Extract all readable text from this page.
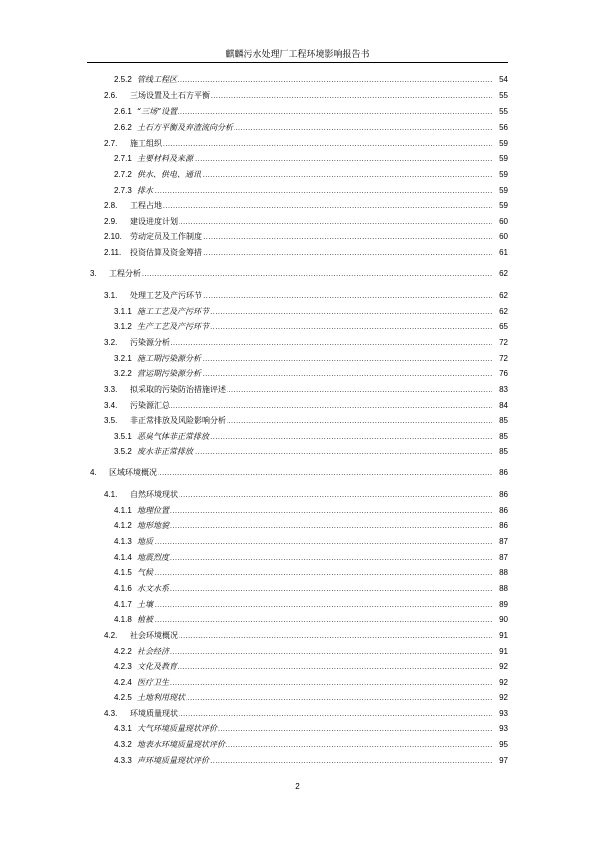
麒麟污水处理厂工程环境影响报告书
2.5.2 ..... 管线工程区	54
2.6. ..... 三场设置及土石方平衡	55
2.6.1 ..... “三场”设置	55
2.6.2 ..... 土石方平衡及弃渣流向分析	56
2.7. ..... 施工组织	59
2.7.1 ..... 主要材料及来源	59
2.7.2 ..... 供水、供电、通讯	59
2.7.3 ..... 排水	59
2.8. ..... 工程占地	59
2.9. ..... 建设进度计划	60
2.10. ..... 劳动定员及工作制度	60
2.11. ..... 投资估算及资金筹措	61
3. ..... 工程分析	62
3.1. ..... 处理工艺及产污环节	62
3.1.1 ..... 施工工艺及产污环节	62
3.1.2 ..... 生产工艺及产污环节	65
3.2. ..... 污染源分析	72
3.2.1 ..... 施工期污染源分析	72
3.2.2 ..... 营运期污染源分析	76
3.3. ..... 拟采取的污染防治措施评述	83
3.4. ..... 污染源汇总	84
3.5. ..... 非正常排放及风险影响分析	85
3.5.1 ..... 恶臭气体非正常排放	85
3.5.2 ..... 废水非正常排放	85
4. ..... 区域环境概况	86
4.1. ..... 自然环境现状	86
4.1.1 ..... 地理位置	86
4.1.2 ..... 地形地貌	86
4.1.3 ..... 地质	87
4.1.4 ..... 地震烈度	87
4.1.5 ..... 气候	88
4.1.6 ..... 水文水系	88
4.1.7 ..... 土壤	89
4.1.8 ..... 植被	90
4.2. ..... 社会环境概况	91
4.2.2 ..... 社会经济	91
4.2.3 ..... 文化及教育	92
4.2.4 ..... 医疗卫生	92
4.2.5 ..... 土地利用现状	92
4.3. ..... 环境质量现状	93
4.3.1 ..... 大气环境质量现状评价	93
4.3.2 ..... 地表水环境质量现状评价	95
4.3.3 ..... 声环境质量现状评价	97
2
